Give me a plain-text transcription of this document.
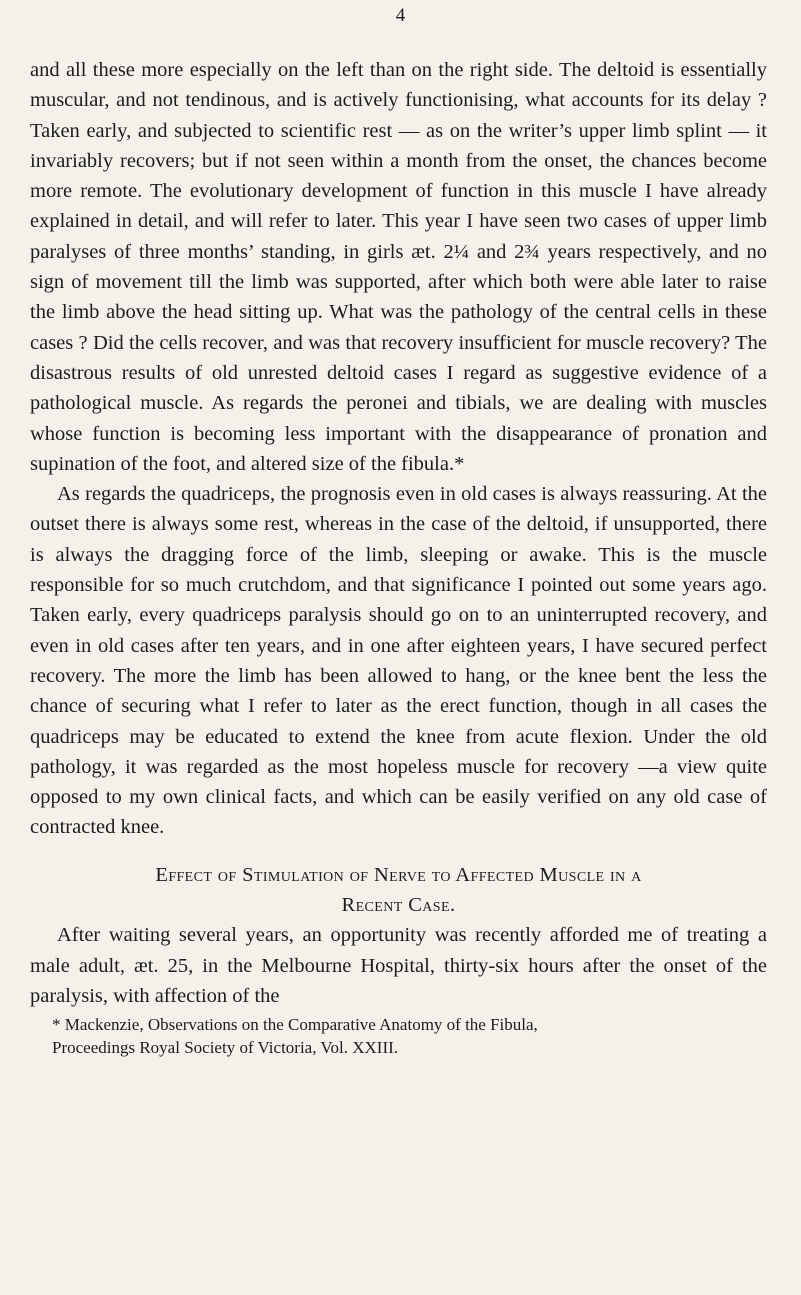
4

and all these more especially on the left than on the right side. The deltoid is essentially muscular, and not tendinous, and is actively functionising, what accounts for its delay ? Taken early, and subjected to scientific rest — as on the writer’s upper limb splint — it invariably recovers; but if not seen within a month from the onset, the chances become more remote. The evolutionary development of function in this muscle I have already explained in detail, and will refer to later. This year I have seen two cases of upper limb paralyses of three months’ standing, in girls æt. 2¼ and 2¾ years respectively, and no sign of movement till the limb was supported, after which both were able later to raise the limb above the head sitting up. What was the pathology of the central cells in these cases ? Did the cells recover, and was that recovery insufficient for muscle recovery? The disastrous results of old unrested deltoid cases I regard as suggestive evidence of a pathological muscle. As regards the peronei and tibials, we are dealing with muscles whose function is becoming less important with the disappearance of pronation and supination of the foot, and altered size of the fibula.*

As regards the quadriceps, the prognosis even in old cases is always reassuring. At the outset there is always some rest, whereas in the case of the deltoid, if unsupported, there is always the dragging force of the limb, sleeping or awake. This is the muscle responsible for so much crutchdom, and that significance I pointed out some years ago. Taken early, every quadriceps paralysis should go on to an uninterrupted recovery, and even in old cases after ten years, and in one after eighteen years, I have secured perfect recovery. The more the limb has been allowed to hang, or the knee bent the less the chance of securing what I refer to later as the erect function, though in all cases the quadriceps may be educated to extend the knee from acute flexion. Under the old pathology, it was regarded as the most hopeless muscle for recovery —a view quite opposed to my own clinical facts, and which can be easily verified on any old case of contracted knee.

Effect of Stimulation of Nerve to Affected Muscle in a
Recent Case.

After waiting several years, an opportunity was recently afforded me of treating a male adult, æt. 25, in the Melbourne Hospital, thirty-six hours after the onset of the paralysis, with affection of the

* Mackenzie, Observations on the Comparative Anatomy of the Fibula,
Proceedings Royal Society of Victoria, Vol. XXIII.
